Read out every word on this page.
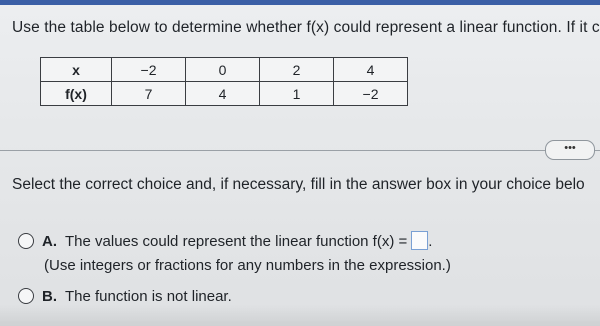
Use the table below to determine whether f(x) could represent a linear function. If it c
x	−2	0	2	4
f(x)	7	4	1	−2
•••
Select the correct choice and, if necessary, fill in the answer box in your choice belo
A. The values could represent the linear function f(x) = .
(Use integers or fractions for any numbers in the expression.)
B. The function is not linear.
